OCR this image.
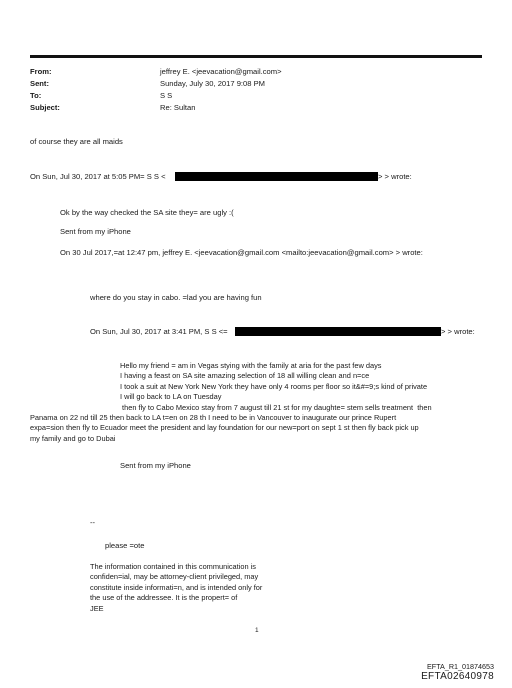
From:	jeffrey E. <jeevacation@gmail.com>
Sent:	Sunday, July 30, 2017 9:08 PM
To:	S S
Subject:	Re: Sultan
of course they are all maids
On Sun, Jul 30, 2017 at 5:05 PM= S S <	> > wrote:
Ok by the way checked the SA site they= are ugly :(
Sent from my iPhone
On 30 Jul 2017,=at 12:47 pm, jeffrey E. <jeevacation@gmail.com <mailto:jeevacation@gmail.com> > wrote:
where do you stay in cabo. =lad you are having fun
On Sun, Jul 30, 2017 at 3:41 PM, S S <=	> > wrote:
Hello my friend = am in Vegas stying with the family at aria for the past few days
I having a feast on SA site amazing selection of 18 all willing clean and n=ce
I took a suit at New York New York they have only 4 rooms per floor so it&#=9;s kind of private
I will go back to LA on Tuesday
then fly to Cabo Mexico stay from 7 august till 21 st for my daughte= stem sells treatment  then
Panama on 22 nd till 25 then back to LA t=en on 28 th I need to be in Vancouver to inaugurate our prince Rupert
expa=sion then fly to Ecuador meet the president and lay foundation for our new=port on sept 1 st then fly back pick up
my family and go to Dubai
Sent from my iPhone
--
please =ote
The information contained in this communication is
confiden=ial, may be attorney-client privileged, may
constitute inside informati=n, and is intended only for
the use of the addressee. It is the propert= of
JEE
1
EFTA_R1_01874653
EFTA02640978
